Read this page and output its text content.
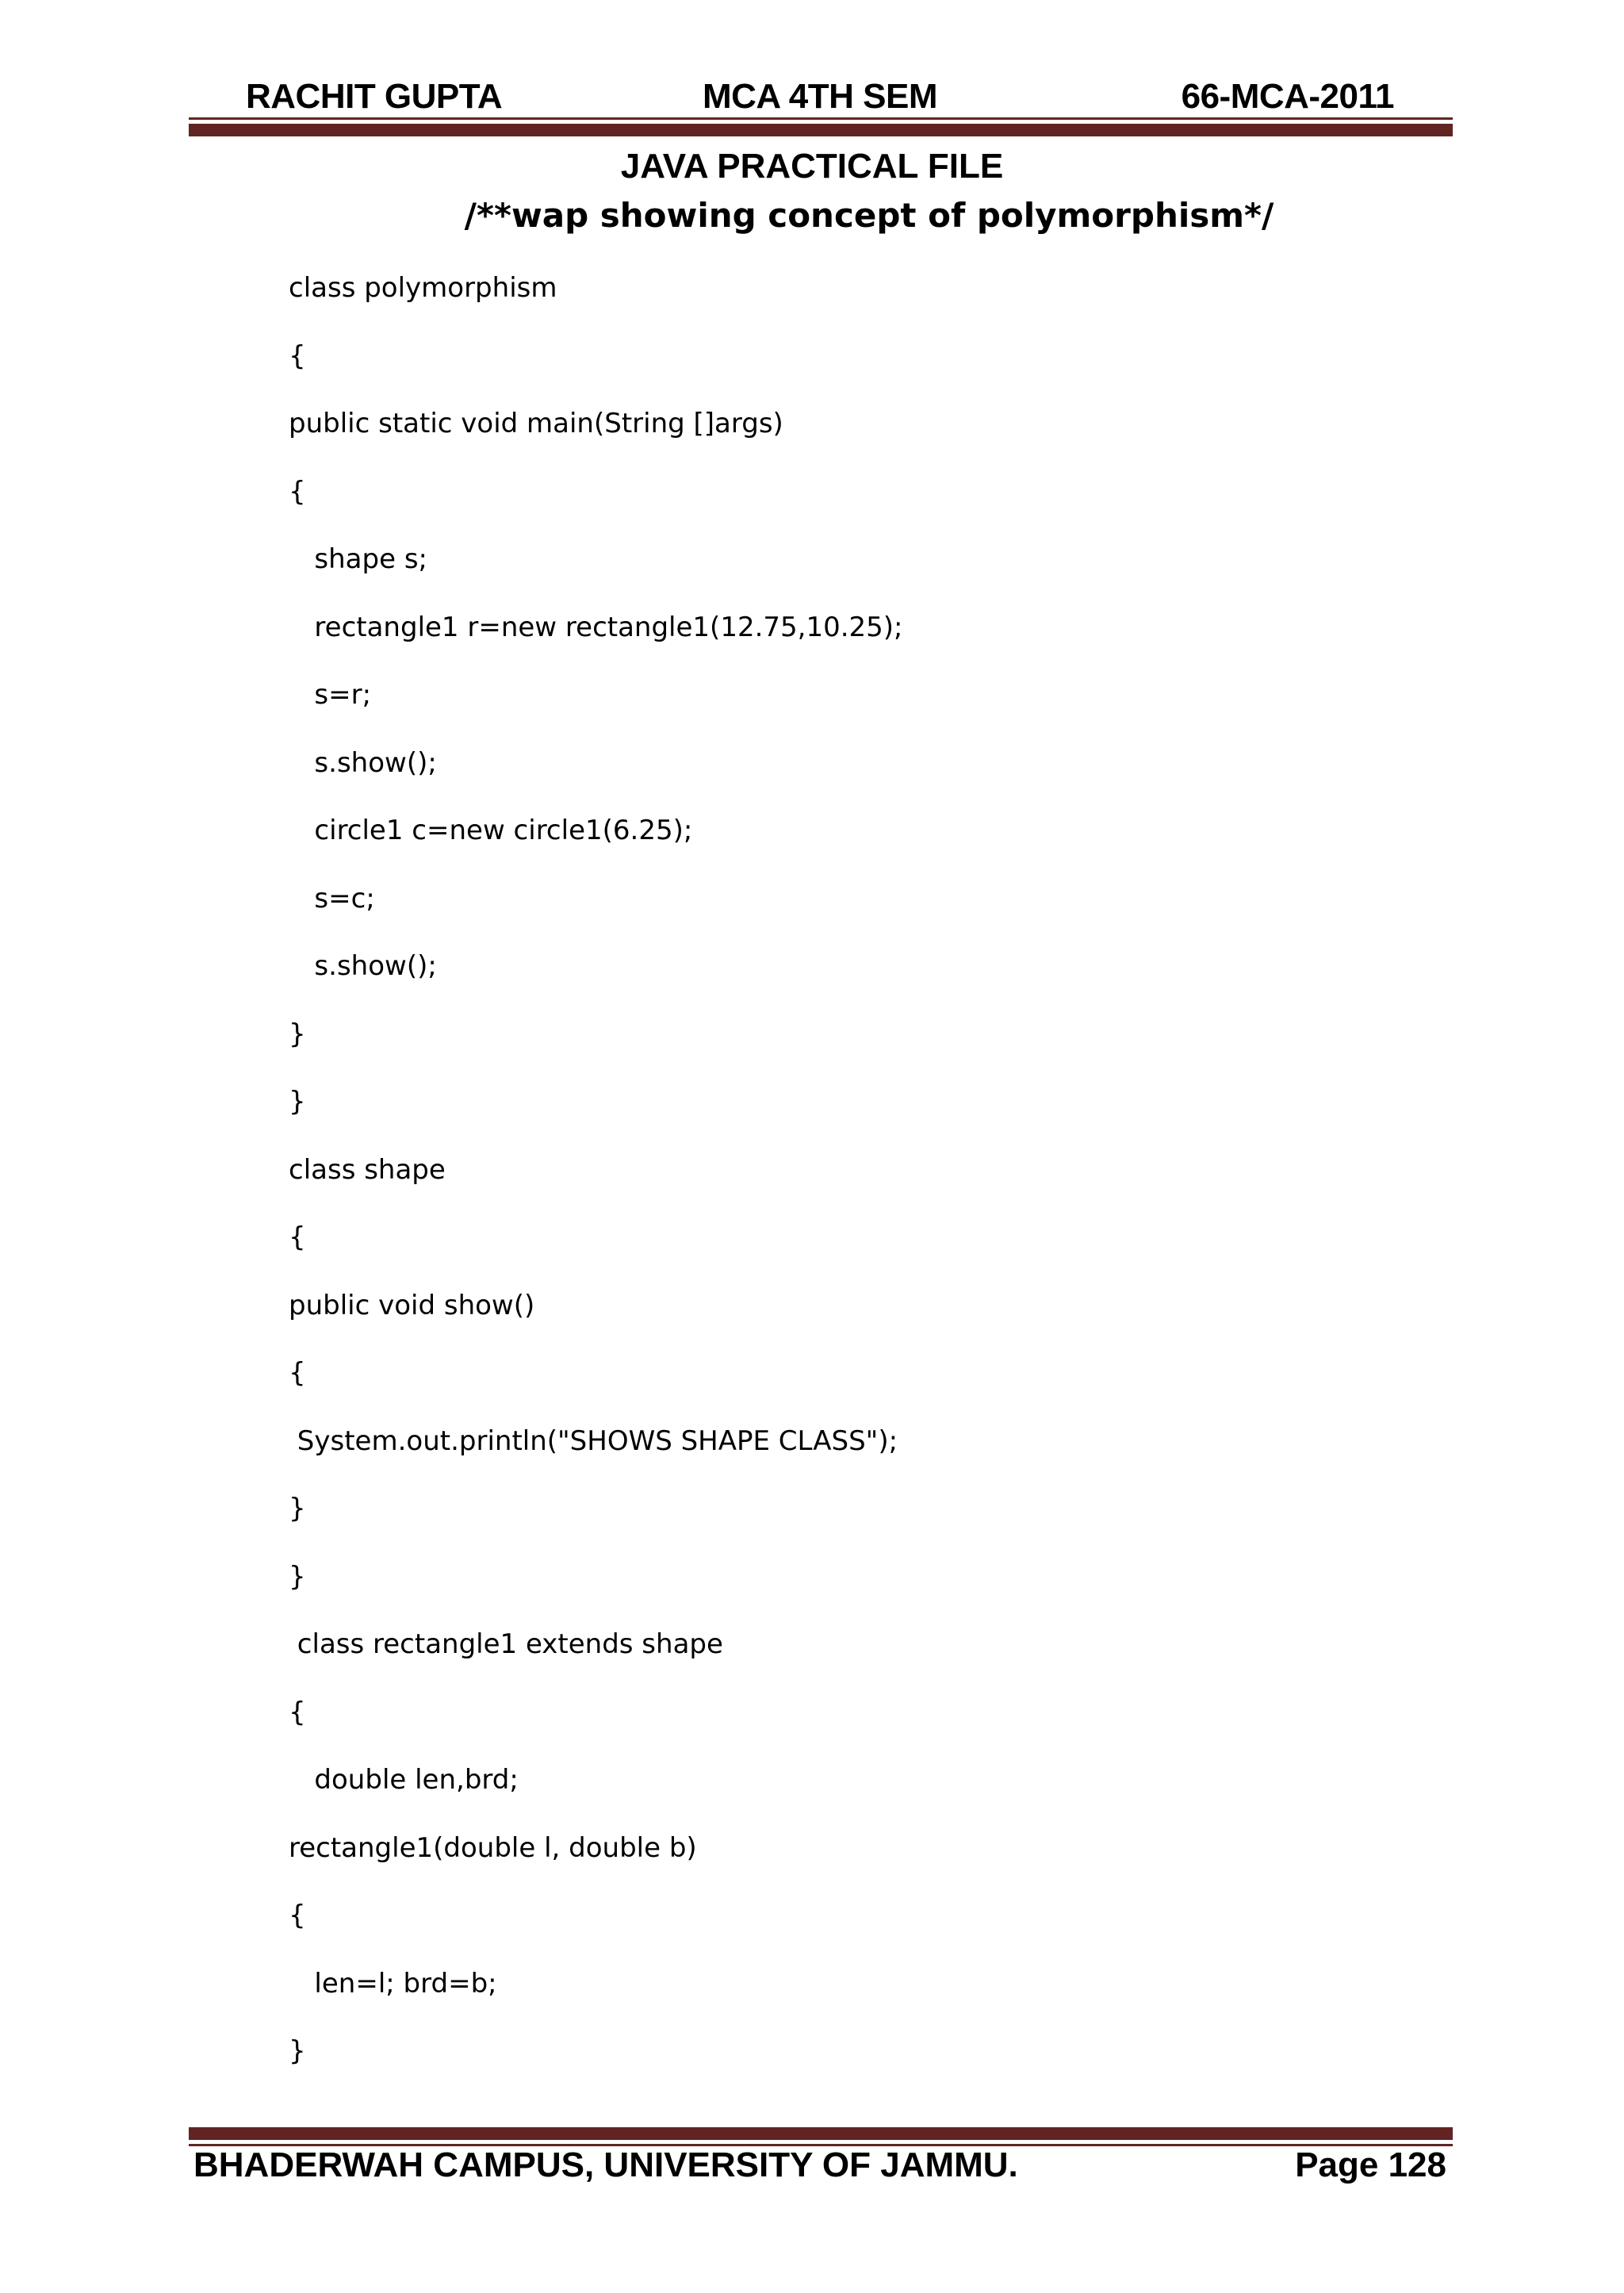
RACHIT GUPTA	MCA 4TH SEM	66-MCA-2011
JAVA PRACTICAL FILE
/**wap showing concept of polymorphism*/
class polymorphism
{
public static void main(String []args)
{
shape s;
rectangle1 r=new rectangle1(12.75,10.25);
s=r;
s.show();
circle1 c=new circle1(6.25);
s=c;
s.show();
}
}
class shape
{
public void show()
{
System.out.println("SHOWS SHAPE CLASS");
}
}
class rectangle1 extends shape
{
double len,brd;
rectangle1(double l, double b)
{
len=l; brd=b;
}
BHADERWAH CAMPUS, UNIVERSITY OF JAMMU.	Page 128
